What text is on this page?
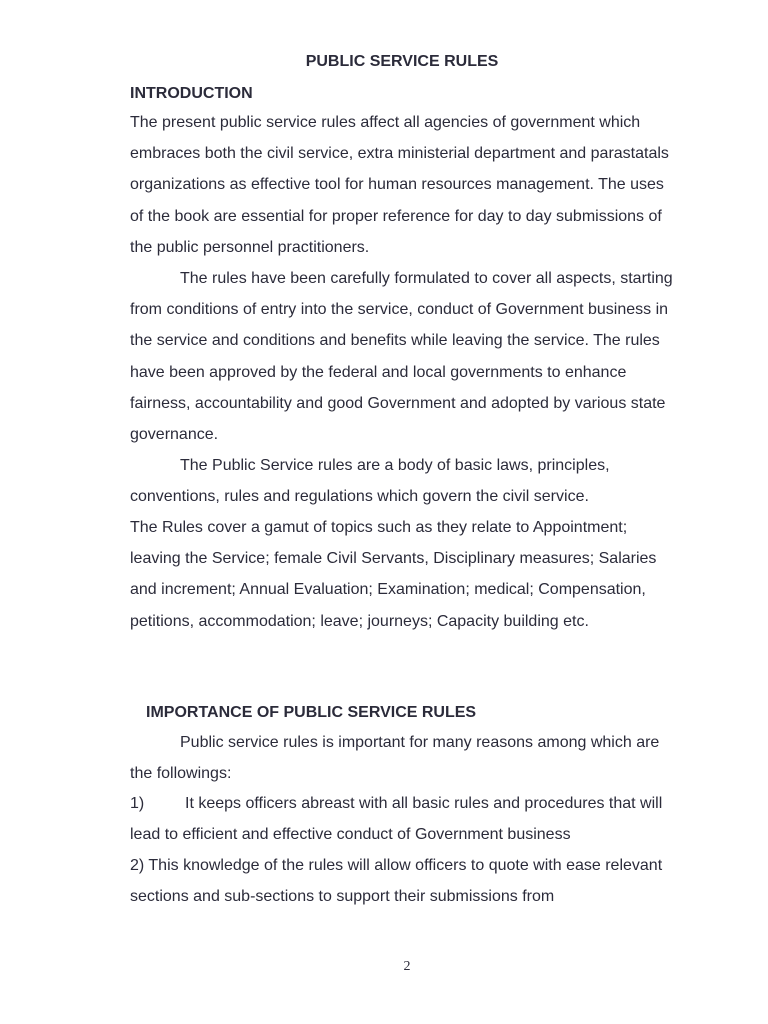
PUBLIC SERVICE RULES
INTRODUCTION

The present public service rules affect all agencies of government which embraces both the civil service, extra ministerial department and parastatals organizations as effective tool for human resources management. The uses of the book are essential for proper reference for day to day submissions of the public personnel practitioners.

The rules have been carefully formulated to cover all aspects, starting from conditions of entry into the service, conduct of Government business in the service and conditions and benefits while leaving the service. The rules have been approved by the federal and local governments to enhance fairness, accountability and good Government and adopted by various state governance.

The Public Service rules are a body of basic laws, principles, conventions, rules and regulations which govern the civil service.

The Rules cover a gamut of topics such as they relate to Appointment; leaving the Service; female Civil Servants, Disciplinary measures; Salaries and increment; Annual Evaluation; Examination; medical; Compensation, petitions, accommodation; leave; journeys; Capacity building etc.

IMPORTANCE OF PUBLIC SERVICE RULES

Public service rules is important for many reasons among which are the followings:

1)	It keeps officers abreast with all basic rules and procedures that will lead to efficient and effective conduct of Government business

2) This knowledge of the rules will allow officers to quote with ease relevant sections and sub-sections to support their submissions from

2
